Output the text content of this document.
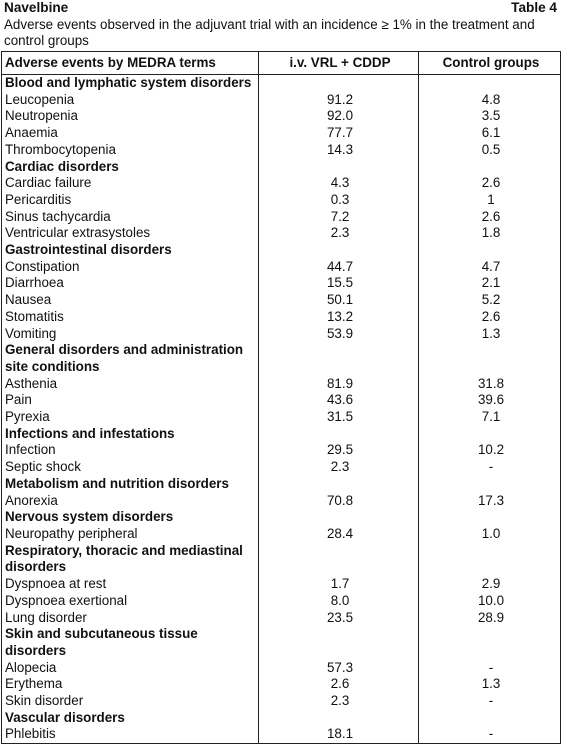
Navelbine	Table 4
Adverse events observed in the adjuvant trial with an incidence ≥ 1% in the treatment and control groups
Adverse events by MEDRA terms	i.v. VRL + CDDP	Control groups
Blood and lymphatic system disorders		
Leucopenia	91.2	4.8
Neutropenia	92.0	3.5
Anaemia	77.7	6.1
Thrombocytopenia	14.3	0.5
Cardiac disorders		
Cardiac failure	4.3	2.6
Pericarditis	0.3	1
Sinus tachycardia	7.2	2.6
Ventricular extrasystoles	2.3	1.8
Gastrointestinal disorders		
Constipation	44.7	4.7
Diarrhoea	15.5	2.1
Nausea	50.1	5.2
Stomatitis	13.2	2.6
Vomiting	53.9	1.3
General disorders and administration		
site conditions		
Asthenia	81.9	31.8
Pain	43.6	39.6
Pyrexia	31.5	7.1
Infections and infestations		
Infection	29.5	10.2
Septic shock	2.3	-
Metabolism and nutrition disorders		
Anorexia	70.8	17.3
Nervous system disorders		
Neuropathy peripheral	28.4	1.0
Respiratory, thoracic and mediastinal		
disorders		
Dyspnoea at rest	1.7	2.9
Dyspnoea exertional	8.0	10.0
Lung disorder	23.5	28.9
Skin and subcutaneous tissue		
disorders		
Alopecia	57.3	-
Erythema	2.6	1.3
Skin disorder	2.3	-
Vascular disorders		
Phlebitis	18.1	-
